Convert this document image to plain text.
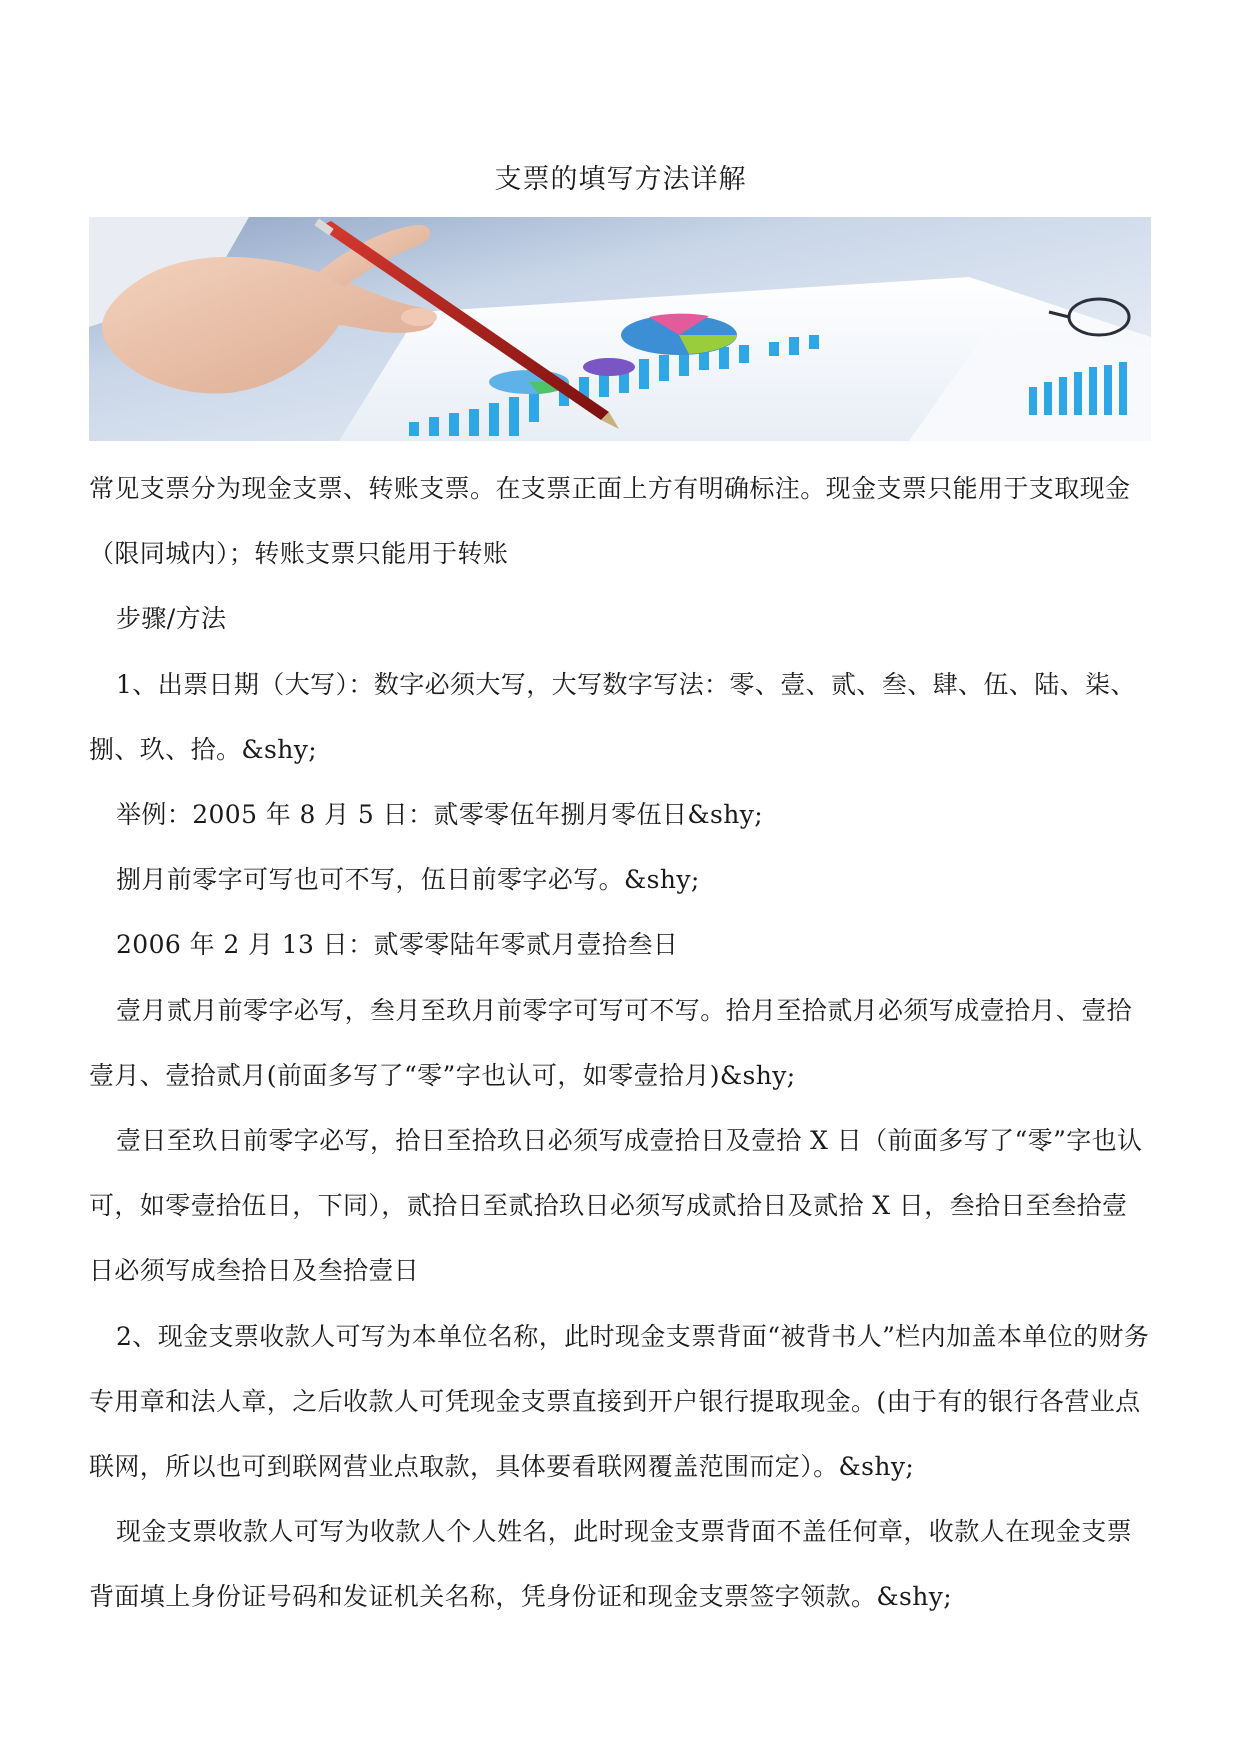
支票的填写方法详解

常见支票分为现金支票、转账支票。在支票正面上方有明确标注。现金支票只能用于支取现金（限同城内）；转账支票只能用于转账

步骤/方法

1、出票日期（大写）：数字必须大写，大写数字写法：零、壹、贰、叁、肆、伍、陆、柒、捌、玖、拾。&shy;

举例：2005 年 8 月 5 日：贰零零伍年捌月零伍日&shy;

捌月前零字可写也可不写，伍日前零字必写。&shy;

2006 年 2 月 13 日：贰零零陆年零贰月壹拾叁日

壹月贰月前零字必写，叁月至玖月前零字可写可不写。拾月至拾贰月必须写成壹拾月、壹拾壹月、壹拾贰月(前面多写了“零”字也认可，如零壹拾月)&shy;

壹日至玖日前零字必写，拾日至拾玖日必须写成壹拾日及壹拾 X 日（前面多写了“零”字也认可，如零壹拾伍日，下同），贰拾日至贰拾玖日必须写成贰拾日及贰拾 X 日，叁拾日至叁拾壹日必须写成叁拾日及叁拾壹日

2、现金支票收款人可写为本单位名称，此时现金支票背面“被背书人”栏内加盖本单位的财务专用章和法人章，之后收款人可凭现金支票直接到开户银行提取现金。(由于有的银行各营业点联网，所以也可到联网营业点取款，具体要看联网覆盖范围而定）。&shy;

现金支票收款人可写为收款人个人姓名，此时现金支票背面不盖任何章，收款人在现金支票背面填上身份证号码和发证机关名称，凭身份证和现金支票签字领款。&shy;
